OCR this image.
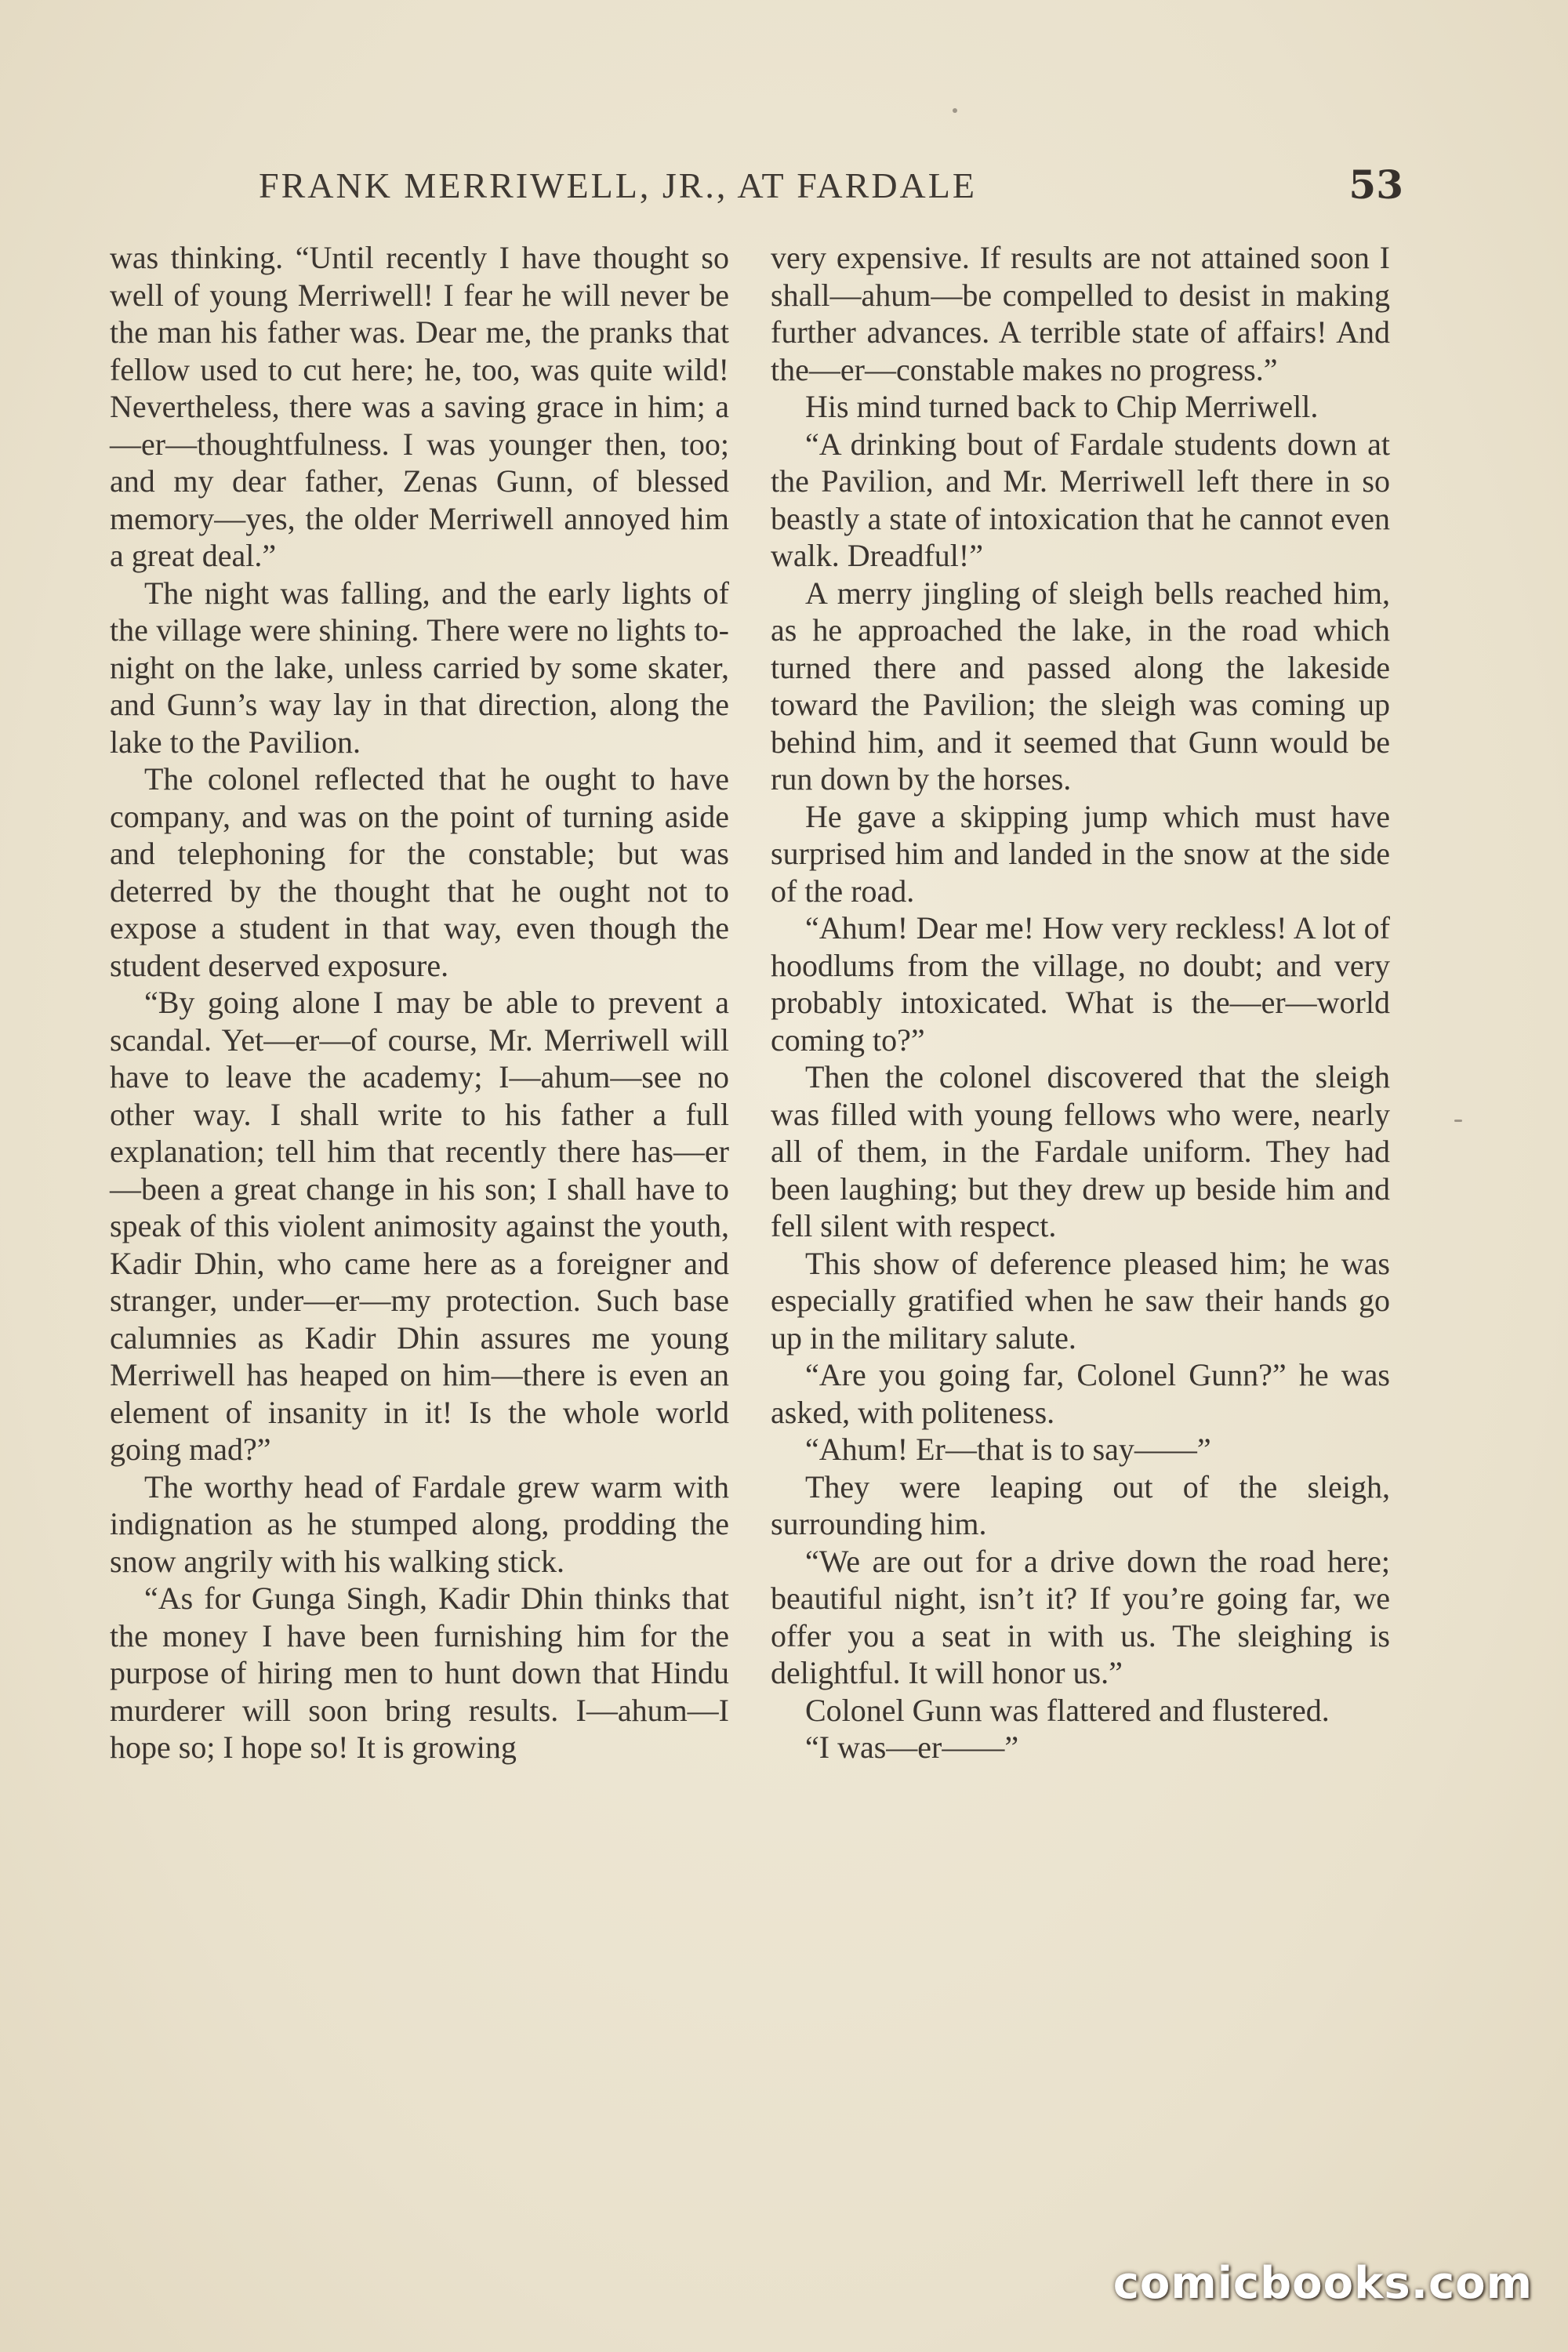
FRANK MERRIWELL, JR., AT FARDALE	53

was thinking. “Until recently I have thought so well of young Merriwell! I fear he will never be the man his father was. Dear me, the pranks that fellow used to cut here; he, too, was quite wild! Nevertheless, there was a saving grace in him; a—er—thoughtfulness. I was younger then, too; and my dear father, Zenas Gunn, of blessed memory—yes, the older Merriwell annoyed him a great deal.”

The night was falling, and the early lights of the village were shining. There were no lights to-night on the lake, unless carried by some skater, and Gunn’s way lay in that direction, along the lake to the Pavilion.

The colonel reflected that he ought to have company, and was on the point of turning aside and telephoning for the constable; but was deterred by the thought that he ought not to expose a student in that way, even though the student deserved exposure.

“By going alone I may be able to prevent a scandal. Yet—er—of course, Mr. Merriwell will have to leave the academy; I—ahum—see no other way. I shall write to his father a full explanation; tell him that recently there has—er—been a great change in his son; I shall have to speak of this violent animosity against the youth, Kadir Dhin, who came here as a foreigner and stranger, under—er—my protection. Such base calumnies as Kadir Dhin assures me young Merriwell has heaped on him—there is even an element of insanity in it! Is the whole world going mad?”

The worthy head of Fardale grew warm with indignation as he stumped along, prodding the snow angrily with his walking stick.

“As for Gunga Singh, Kadir Dhin thinks that the money I have been furnishing him for the purpose of hiring men to hunt down that Hindu murderer will soon bring results. I—ahum—I hope so; I hope so! It is growing

very expensive. If results are not attained soon I shall—ahum—be compelled to desist in making further advances. A terrible state of affairs! And the—er—constable makes no progress.”

His mind turned back to Chip Merriwell.

“A drinking bout of Fardale students down at the Pavilion, and Mr. Merriwell left there in so beastly a state of intoxication that he cannot even walk. Dreadful!”

A merry jingling of sleigh bells reached him, as he approached the lake, in the road which turned there and passed along the lakeside toward the Pavilion; the sleigh was coming up behind him, and it seemed that Gunn would be run down by the horses.

He gave a skipping jump which must have surprised him and landed in the snow at the side of the road.

“Ahum! Dear me! How very reckless! A lot of hoodlums from the village, no doubt; and very probably intoxicated. What is the—er—world coming to?”

Then the colonel discovered that the sleigh was filled with young fellows who were, nearly all of them, in the Fardale uniform. They had been laughing; but they drew up beside him and fell silent with respect.

This show of deference pleased him; he was especially gratified when he saw their hands go up in the military salute.

“Are you going far, Colonel Gunn?” he was asked, with politeness.

“Ahum! Er—that is to say——”

They were leaping out of the sleigh, surrounding him.

“We are out for a drive down the road here; beautiful night, isn’t it? If you’re going far, we offer you a seat in with us. The sleighing is delightful. It will honor us.”

Colonel Gunn was flattered and flustered.

“I was—er——”

comicbooks.com
